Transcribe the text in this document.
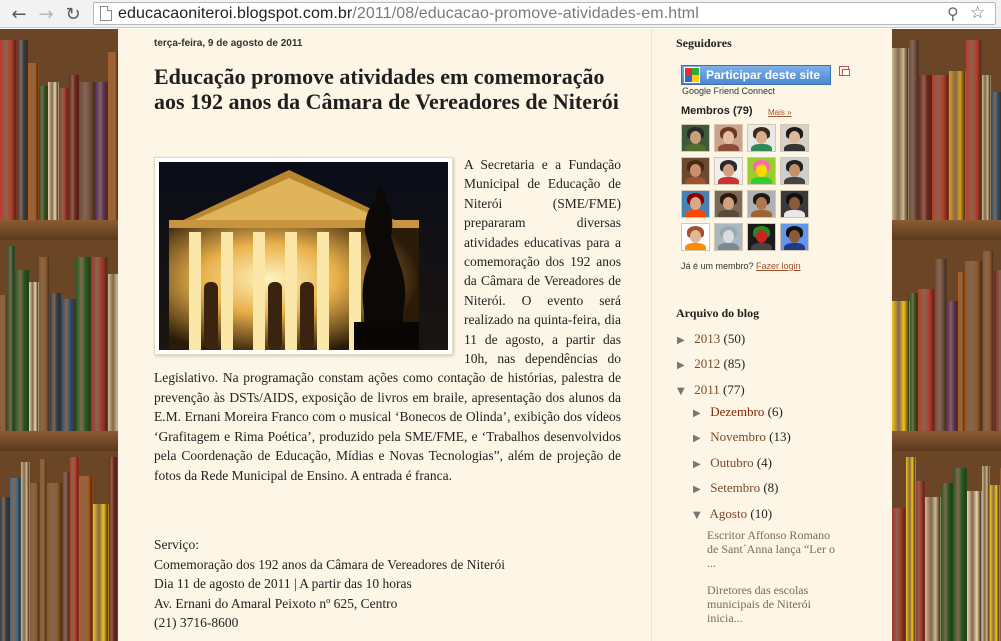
← → ↻ educacaoniteroi.blogspot.com.br/2011/08/educacao-promove-atividades-em.html	⚲ ☆
terça-feira, 9 de agosto de 2011
Educação promove atividades em comemoração aos 192 anos da Câmara de Vereadores de Niterói
A Secretaria e a Fundação Municipal de Educação de Niterói (SME/FME) prepararam diversas atividades educativas para a comemoração dos 192 anos da Câmara de Vereadores de Niterói. O evento será realizado na quinta-feira, dia 11 de agosto, a partir das 10h, nas dependências do Legislativo. Na programação constam ações como contação de histórias, palestra de prevenção às DSTs/AIDS, exposição de livros em braile, apresentação dos alunos da E.M. Ernani Moreira Franco com o musical ‘Bonecos de Olinda’, exibição dos vídeos ‘Grafitagem e Rima Poética’, produzido pela SME/FME, e ‘Trabalhos desenvolvidos pela Coordenação de Educação, Mídias e Novas Tecnologias”, além de projeção de fotos da Rede Municipal de Ensino. A entrada é franca.
Serviço:
Comemoração dos 192 anos da Câmara de Vereadores de Niterói
Dia 11 de agosto de 2011 | A partir das 10 horas
Av. Ernani do Amaral Peixoto nº 625, Centro
(21) 3716-8600
Seguidores
Participar deste site
Google Friend Connect
Membros (79) Mais »
Já é um membro? Fazer login
Arquivo do blog
▶ 2013 (50)
▶ 2012 (85)
▼ 2011 (77)
▶ Dezembro (6)
▶ Novembro (13)
▶ Outubro (4)
▶ Setembro (8)
▼ Agosto (10)
Escritor Affonso Romano de Sant´Anna lança “Ler o ...
Diretores das escolas municipais de Niterói inicia...
